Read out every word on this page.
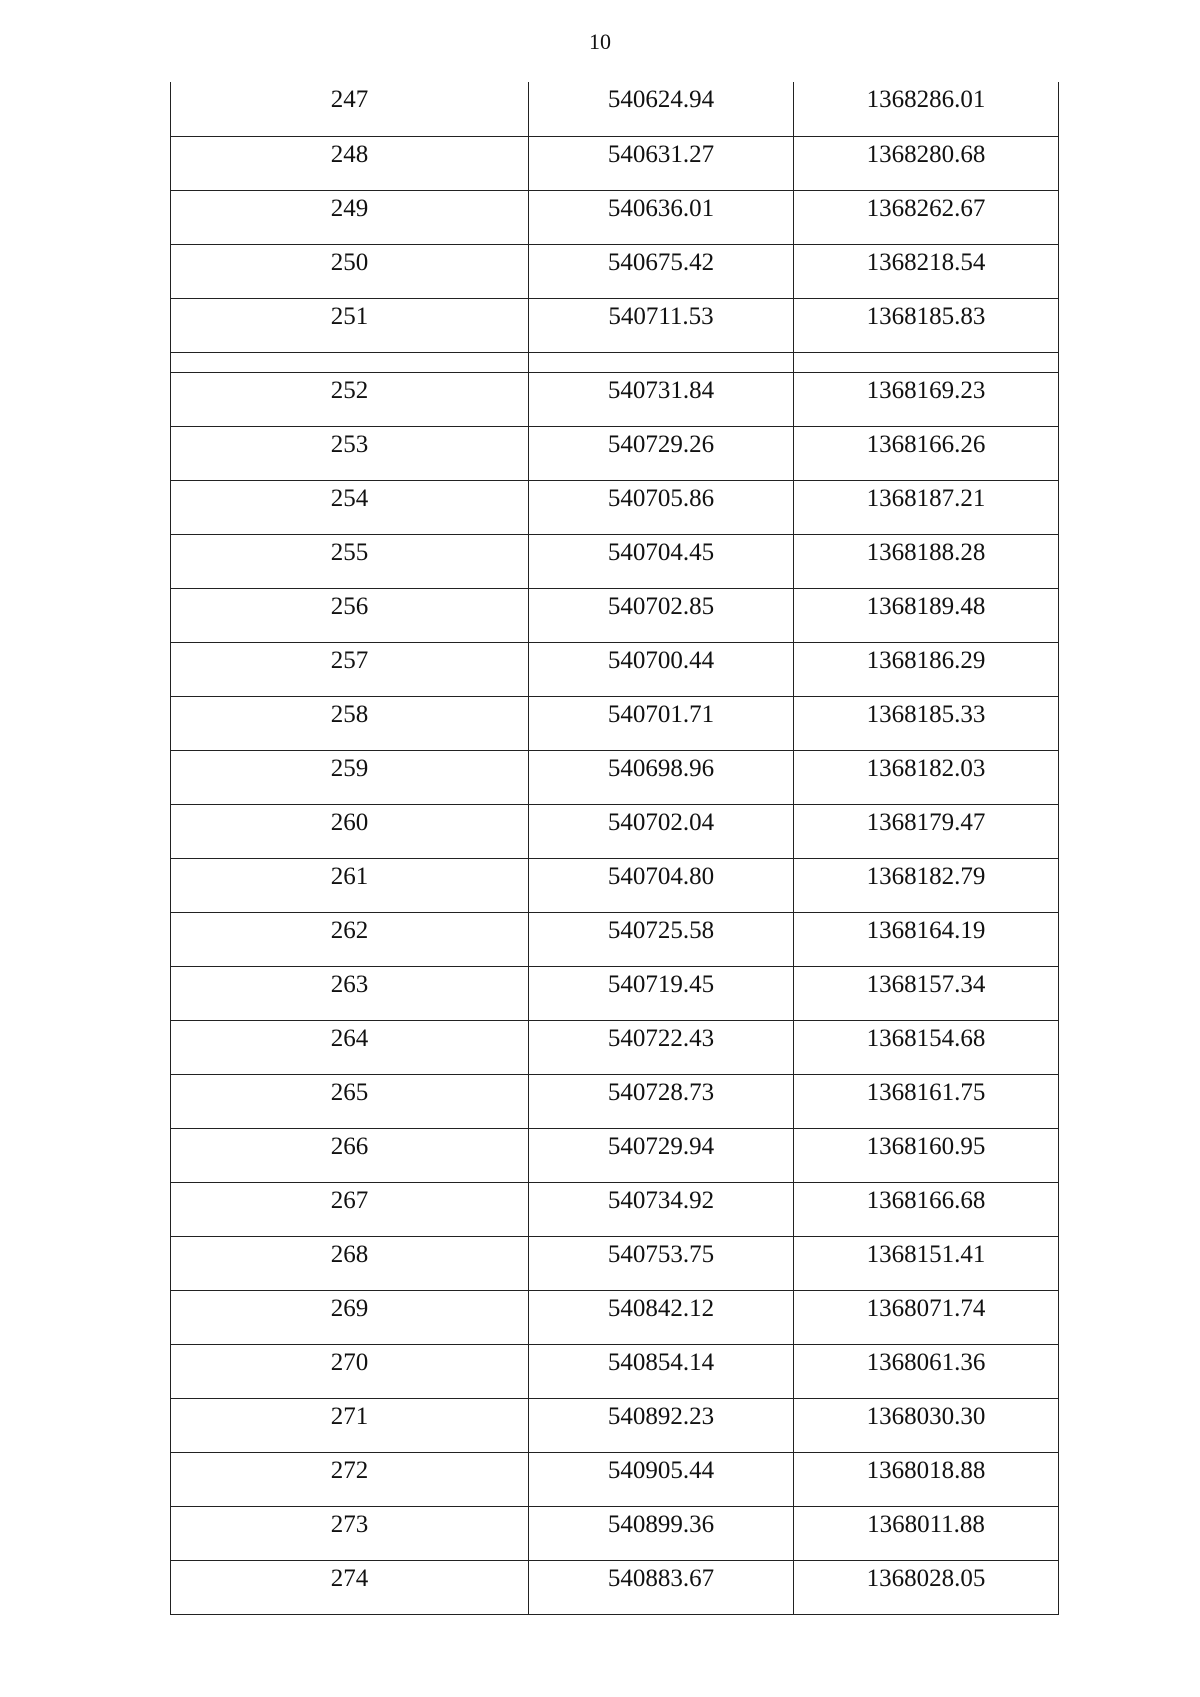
10
247	540624.94	1368286.01
248	540631.27	1368280.68
249	540636.01	1368262.67
250	540675.42	1368218.54
251	540711.53	1368185.83

252	540731.84	1368169.23
253	540729.26	1368166.26
254	540705.86	1368187.21
255	540704.45	1368188.28
256	540702.85	1368189.48
257	540700.44	1368186.29
258	540701.71	1368185.33
259	540698.96	1368182.03
260	540702.04	1368179.47
261	540704.80	1368182.79
262	540725.58	1368164.19
263	540719.45	1368157.34
264	540722.43	1368154.68
265	540728.73	1368161.75
266	540729.94	1368160.95
267	540734.92	1368166.68
268	540753.75	1368151.41
269	540842.12	1368071.74
270	540854.14	1368061.36
271	540892.23	1368030.30
272	540905.44	1368018.88
273	540899.36	1368011.88
274	540883.67	1368028.05
